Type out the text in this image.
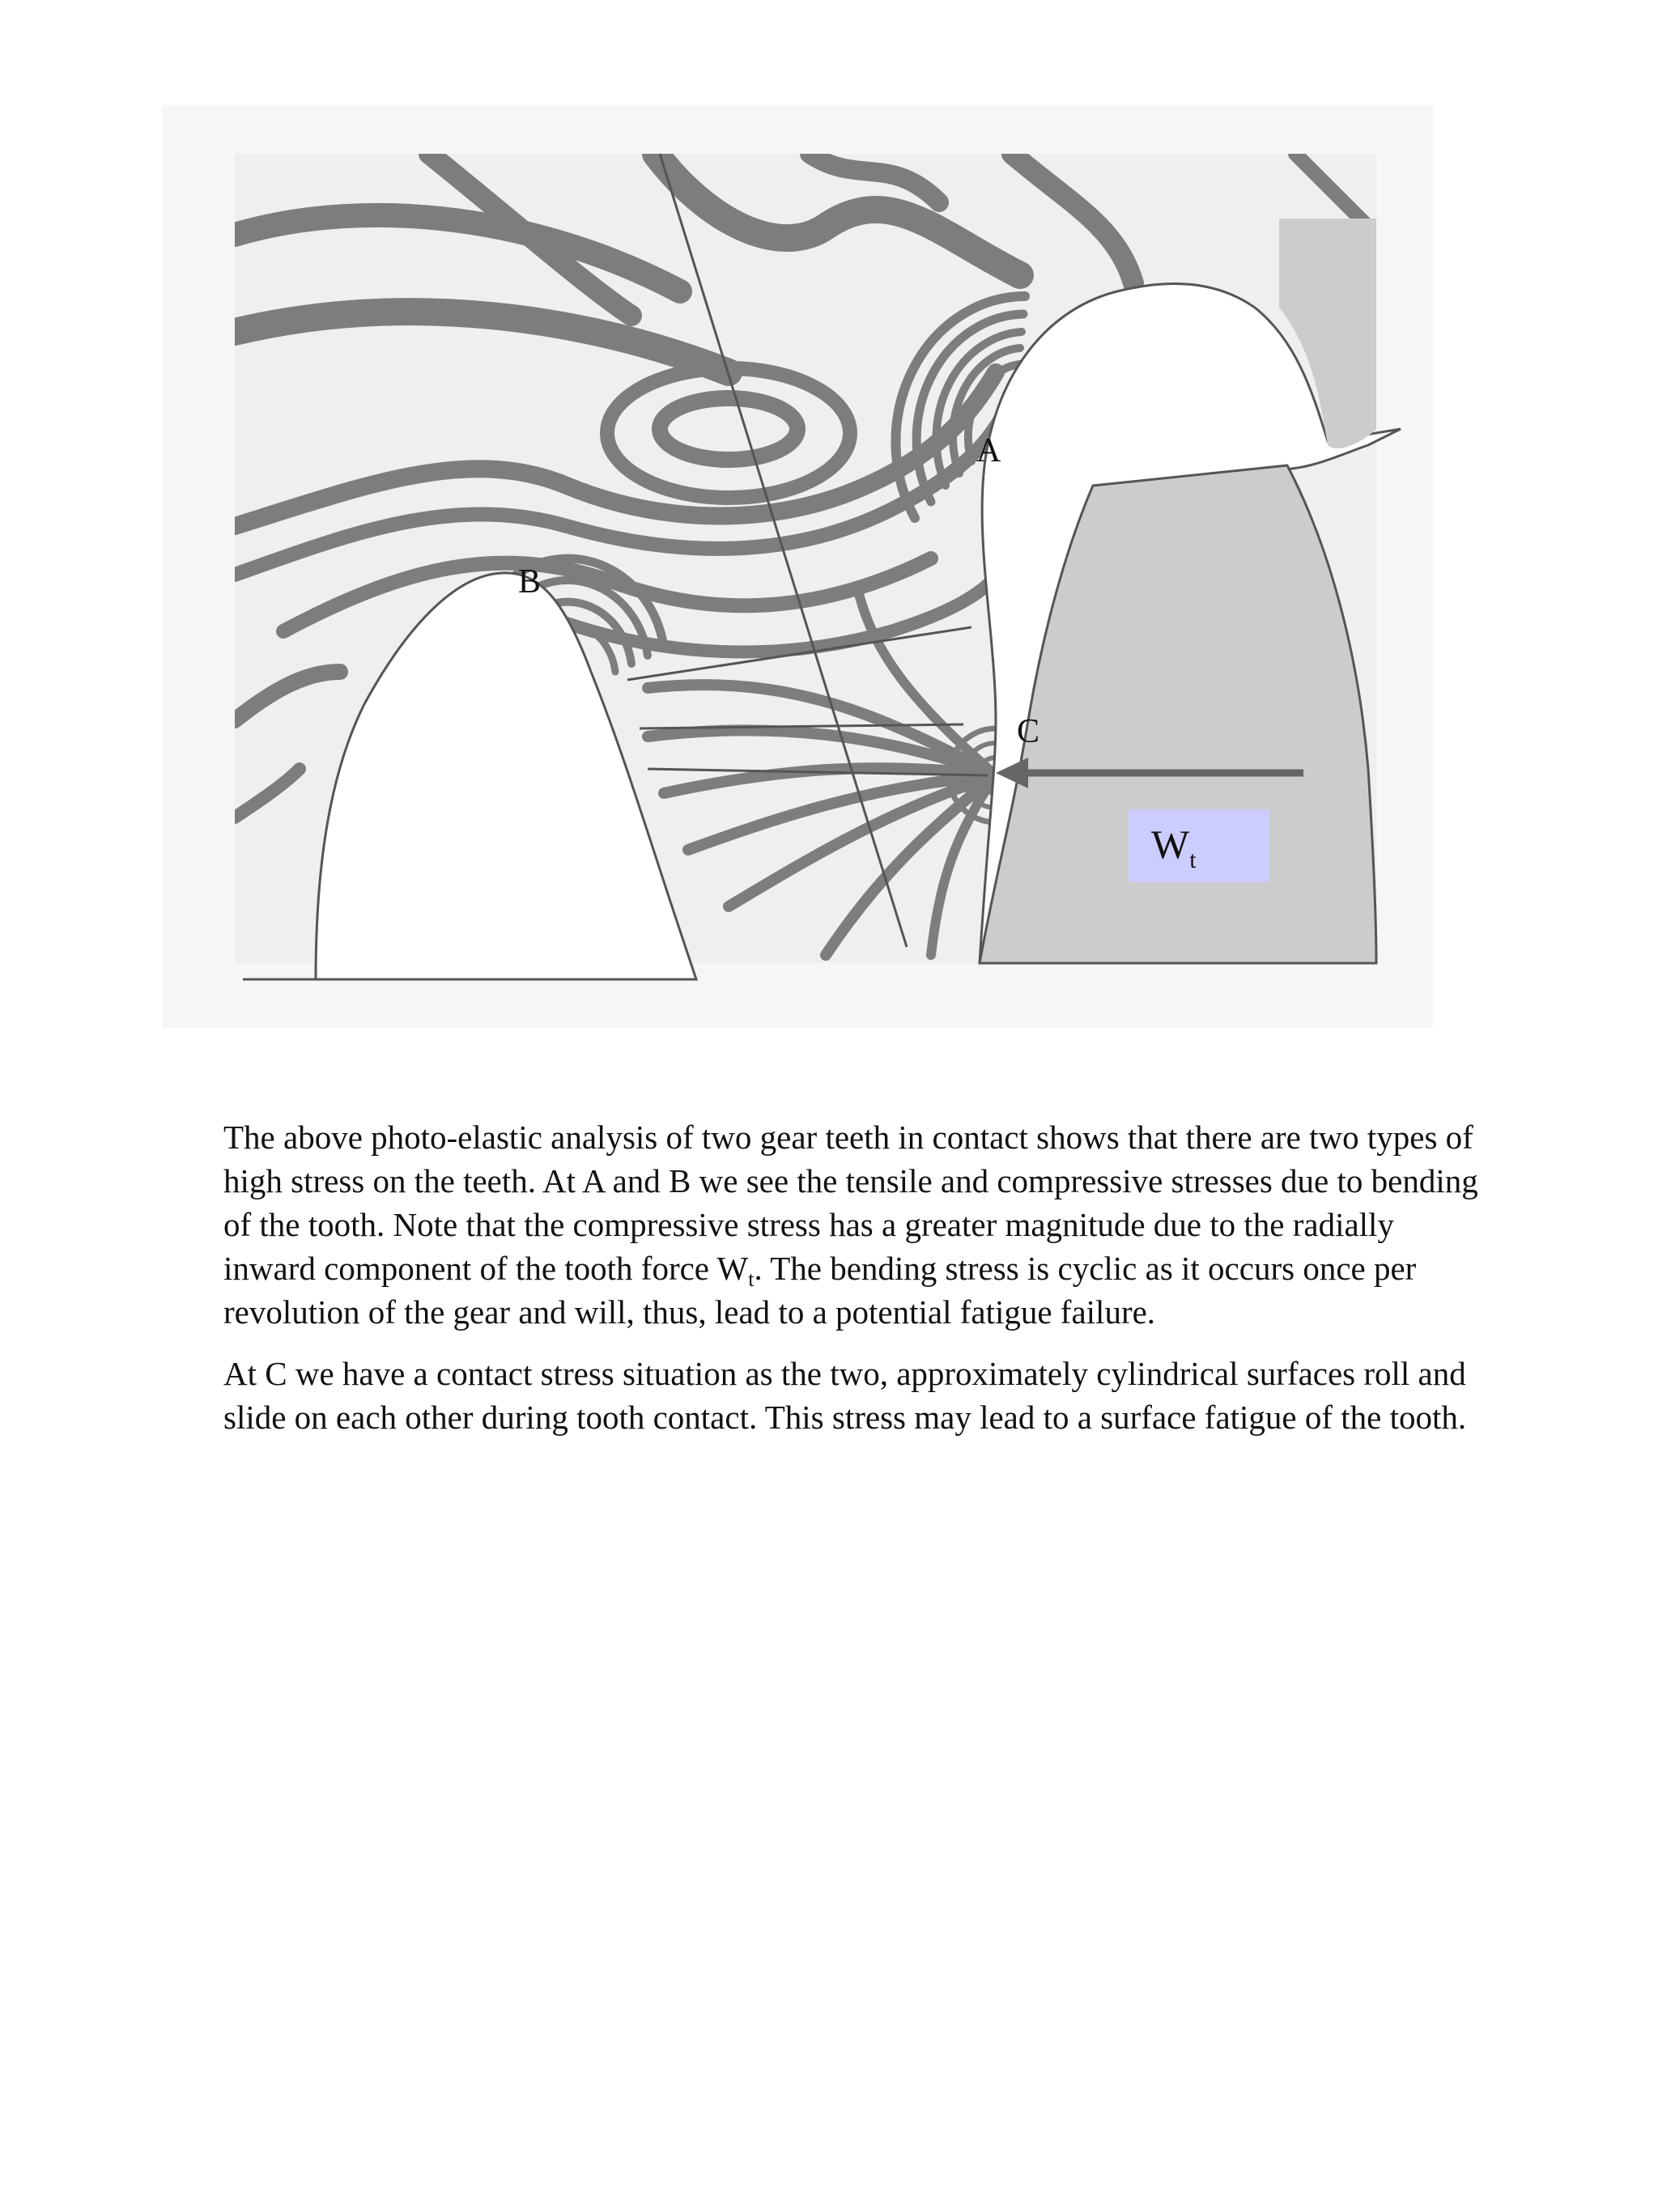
$W_t$
A
B
C

The above photo-elastic analysis of two gear teeth in contact shows that there are two types of high stress on the teeth. At A and B we see the tensile and compressive stresses due to bending of the tooth. Note that the compressive stress has a greater magnitude due to the radially inward component of the tooth force $W_t$. The bending stress is cyclic as it occurs once per revolution of the gear and will, thus, lead to a potential fatigue failure.

At C we have a contact stress situation as the two, approximately cylindrical surfaces roll and slide on each other during tooth contact. This stress may lead to a surface fatigue of the tooth.
